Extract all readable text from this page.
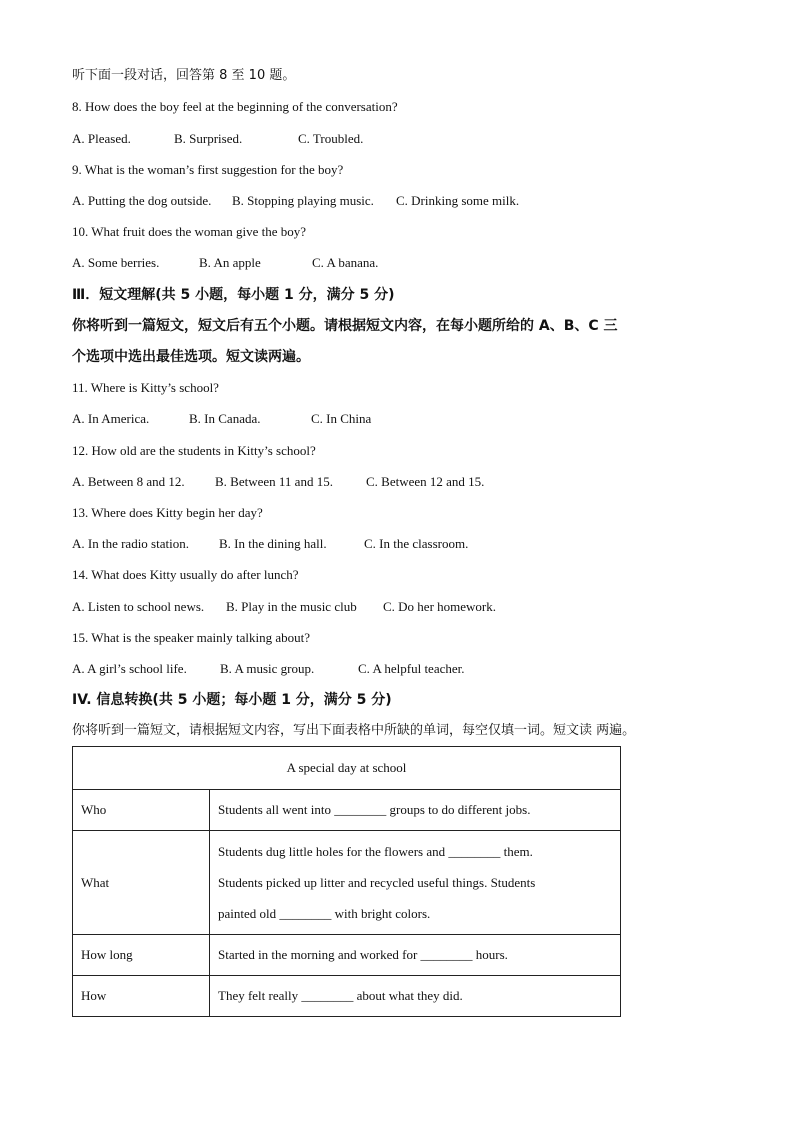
听下面一段对话，回答第 8 至 10 题。
8. How does the boy feel at the beginning of the conversation?
A. Pleased.	B. Surprised.	C. Troubled.
9. What is the woman’s first suggestion for the boy?
A. Putting the dog outside. B. Stopping playing music. C. Drinking some milk.
10. What fruit does the woman give the boy?
A. Some berries.	B. An apple	C. A banana.
Ⅲ．短文理解(共 5 小题，每小题 1 分，满分 5 分)
你将听到一篇短文，短文后有五个小题。请根据短文内容，在每小题所给的 A、B、C 三
个选项中选出最佳选项。短文读两遍。
11. Where is Kitty’s school?
A. In America.	B. In Canada.	C. In China
12. How old are the students in Kitty’s school?
A. Between 8 and 12. B. Between 11 and 15.	C. Between 12 and 15.
13. Where does Kitty begin her day?
A. In the radio station. B. In the dining hall.	C. In the classroom.
14. What does Kitty usually do after lunch?
A. Listen to school news. B. Play in the music club C. Do her homework.
15. What is the speaker mainly talking about?
A. A girl’s school life.	B. A music group.	C. A helpful teacher.
IV. 信息转换(共 5 小题；每小题 1 分，满分 5 分)
你将听到一篇短文，请根据短文内容，写出下面表格中所缺的单词，每空仅填一词。短文读 两遍。
A special day at school	
Who	Students all went into ________ groups to do different jobs.
What	Students dug little holes for the flowers and ________ them.
Students picked up litter and recycled useful things. Students
painted old ________ with bright colors.

How long	Started in the morning and worked for ________ hours.
How	They felt really ________ about what they did.
